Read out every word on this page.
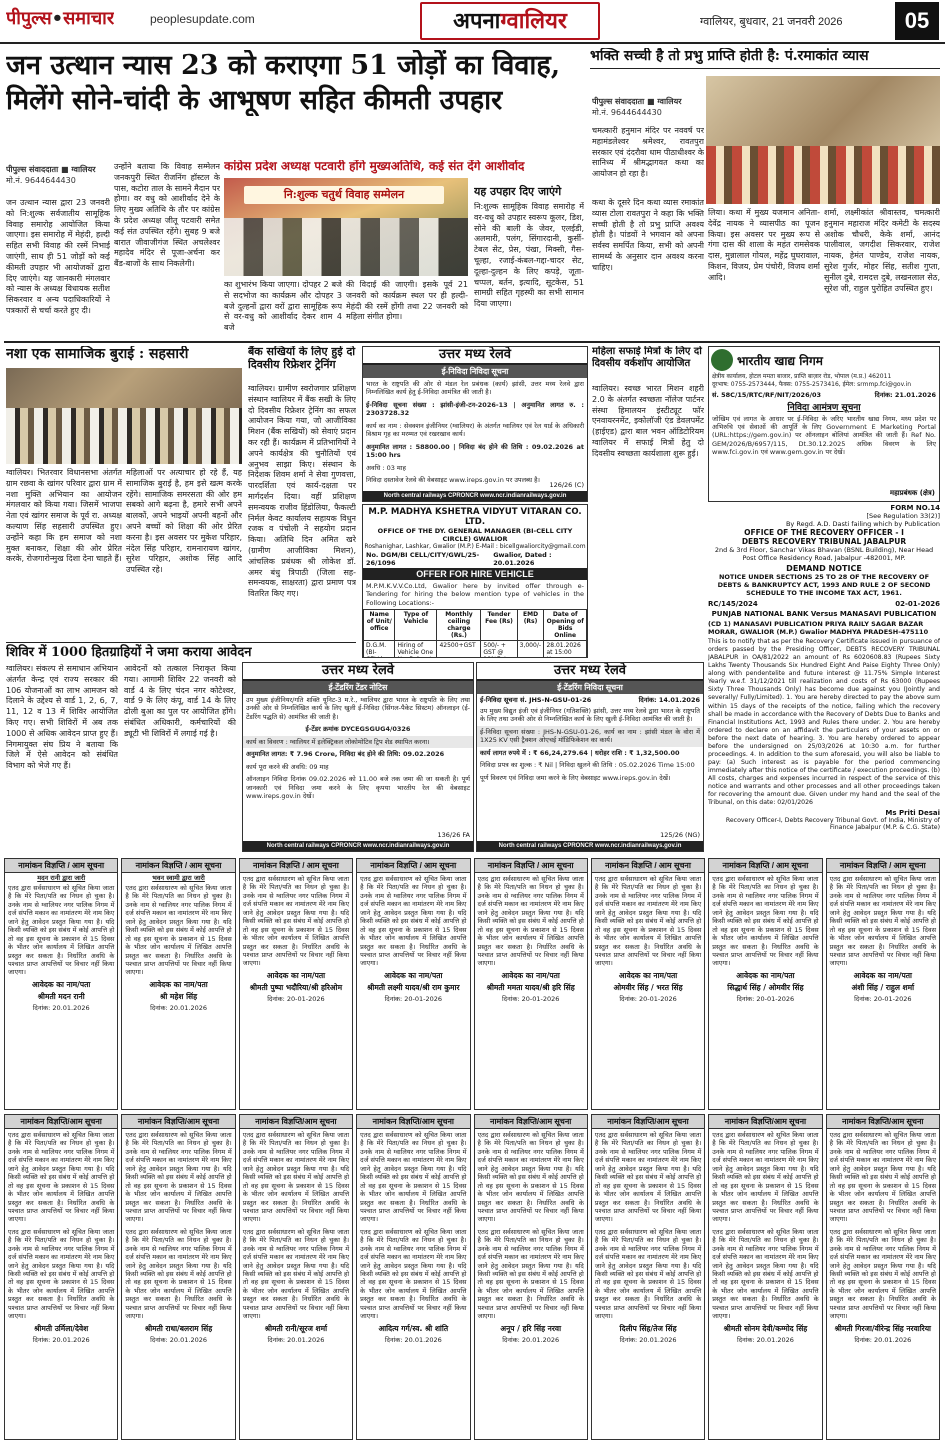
पीपुल्स•समाचार	peoplesupdate.com	अपनाग्वालियर	ग्वालियर, बुधवार, 21 जनवरी 2026	05
जन उत्थान न्यास 23 को कराएगा 51 जोड़ों का विवाह,
मिलेंगे सोने-चांदी के आभूषण सहित कीमती उपहार
पीपुल्स संवाददाता ■ ग्वालियर
मो.नं. 9644644430
जन उत्थान न्यास द्वारा 23 जनवरी को नि:शुल्क सर्वजातीय सामूहिक विवाह समारोह आयोजित किया जाएगा। इस समारोह में मेहंदी, हल्दी सहित सभी विवाह की रस्में निभाई जाएंगी, साथ ही 51 जोड़ों को कई कीमती उपहार भी आयोजकों द्वारा दिए जाएंगे। यह जानकारी मंगलवार को न्यास के अध्यक्ष विधायक सतीश सिकरवार व अन्य पदाधिकारियों ने पत्रकारों से चर्चा करते हुए दी।
उन्होंने बताया कि विवाह सम्मेलन जनकपुरी स्थित रीजनिंग हॉस्टल के पास, कटोरा ताल के सामने मैदान पर होगा। वर वधु को आशीर्वाद देने के लिए मुख्य अतिथि के तौर पर कांग्रेस के प्रदेश अध्यक्ष जीतू पटवारी समेत कई संत उपस्थित रहेंगे। सुबह 9 बजे बारात जीवाजीगंज स्थित अचलेश्वर महादेव मंदिर से पूजा-अर्चना कर बैंड-बाजों के साथ निकलेगी।
कांग्रेस प्रदेश अध्यक्ष पटवारी होंगे मुख्यअतिथि, कई संत देंगे आशीर्वाद
नि:शुल्क चतुर्थ विवाह सम्मेलन
का शुभारंभ किया जाएगा। दोपहर 2 बजे से सदभोज का कार्यक्रम और दोपहर 3 बजे दुल्हनों द्वारा वरों द्वारा सामूहिक रूप से वर-वधु को आशीर्वाद देकर शाम 4 बजे
की विदाई की जाएगी। इसके पूर्व 21 जनवरी को कार्यक्रम स्थल पर ही हल्दी-मेहंदी की रस्में होंगी तथा 22 जनवरी को महिला संगीत होगा।
यह उपहार दिए जाएंगे
नि:शुल्क सामूहिक विवाह समारोह में वर-वधु को उपहार स्वरूप कूलर, डिश, सोने की बाली के जेवर, एलईडी, अलमारी, पलंग, सिंगारदानी, कुर्सी-टेबल सेट, प्रेस, पंखा, मिक्सी, गैस-चूल्हा, रजाई-कंबल-गद्दा-चादर सेट, दूल्हा-दुल्हन के लिए कपड़े, जूता-चप्पल, बर्तन, इत्यादि, सूटकेस, 51 सामग्री सहित गृहस्थी का सभी सामान दिया जाएगा।
भक्ति सच्ची है तो प्रभु प्राप्ति होती है: पं.रमाकांत व्यास
पीपुल्स संवाददाता ■ ग्वालियर
मो.नं. 9644644430
चमत्कारी हनुमान मंदिर पर नववर्ष पर महामंडलेश्वर श्रमेश्वर, रावतपुरा सरकार एवं दंदरौवा धाम पीठाधीश्वर के सानिध्य में श्रीमद्भागवत कथा का आयोजन हो रहा है।
कथा के दूसरे दिन कथा व्यास रमाकांत व्यास टोला रावतपुरा ने कहा कि भक्ति सच्ची होती है तो प्रभु प्राप्ति अवश्य होती है। पांडवों ने भगवान को अपना सर्वस्व समर्पित किया, सभी को अपनी सामर्थ्य के अनुसार दान अवश्य करना चाहिए।
लिया। कथा में मुख्य यजमान अनिता-देवेंद्र नायक ने व्यासपीठ का पूजन किया। इस अवसर पर मुख्य रूप से गंगा दास की शाला के महंत रामसेवक दास, मुन्नालाल गोयल, महेंद्र घुघरावाल, किशन, विजय, प्रेम पंचोरी, विजय शर्मा आदि।
शर्मा, लक्ष्मीकांत श्रीवास्तव, चमत्कारी हनुमान महाराज मंदिर कमेटी के सदस्य अशोक चौधरी, केके शर्मा, आनंद पालीवाल, जगदीश सिकरवार, राजेश नायक, हेमंत पाण्डेय, राजेश नायक, सुरेश गुर्जर, मोहर सिंह, सतीश गुप्ता, सुनील दुबे, रामदत्त दुबे, लखनलाल सेठ, सूरेश जी, राहुल पुरोहित उपस्थित हुए।
नशा एक सामाजिक बुराई : सहसारी
ग्वालियर। भितरवार विधानसभा अंतर्गत ग्राम रछवा के खांगर परिवार द्वारा ग्राम में नशा मुक्ति अभियान का आयोजन मंगलवार को किया गया। जिसमें भाजपा नेता एवं खांगर समाज के पूर्व रा. अध्यक्ष कल्याण सिंह सहसारी उपस्थित हुए। उन्होंने कहा कि हम समाज को नशा मुक्त बनाकर, शिक्षा की ओर प्रेरित करके, रोजगारोन्मुख दिशा देना चाहते हैं।
महिलाओं पर अत्याचार हो रहे हैं, यह सामाजिक बुराई है, हम इसे खत्म करके रहेंगे। सामाजिक समरसता की ओर हम सबको आगे बढ़ना है, हमारे सभी अपने बालकों, अपने भाइयों अपनी बहनों और अपने बच्चों को शिक्षा की ओर प्रेरित करना है। इस अवसर पर मुकेश परिहार, नंदेल सिंह परिहार, रामनारायण खांगर, सुरेश परिहार, अशोक सिंह आदि उपस्थित रहे।
बैंक सखियों के लिए हुई दो दिवसीय रिफ्रेशर ट्रेनिंग
ग्वालियर। ग्रामीण स्वरोजगार प्रशिक्षण संस्थान ग्वालियर में बैंक सखी के लिए दो दिवसीय रिफ्रेशर ट्रेनिंग का सफल आयोजन किया गया, जो आजीविका मिशन (बैंक सखियों) को सेवाएं प्रदान कर रही हैं। कार्यक्रम में प्रतिभागियों ने अपने कार्यक्षेत्र की चुनौतियों एवं अनुभव साझा किए। संस्थान के निदेशक शिवम शर्मा ने सेवा गुणवत्ता, पारदर्शिता एवं कार्य-दक्षता पर मार्गदर्शन दिया। वहीं प्रशिक्षण समन्वयक राजीव हिंडोलिया, फैकल्टी निर्मल केवट कार्यालय सहायक विधुन रजक व पंचोली ने सहयोग प्रदान किया। अतिथि दिन अमित खरे (ग्रामीण आजीविका मिशन), आंचलिक प्रबंधक श्री लोकेश डॉ. अमर बंधु त्रिपाठी (जिला सह-समन्वयक, साक्षरता) द्वारा प्रमाण पत्र वितरित किए गए।
उत्तर मध्य रेलवे
ई-निविदा निविदा सूचना
भारत के राष्ट्रपति की ओर से मंडल रेल प्रबंधक (कार्य) झांसी, उत्तर मध्य रेलवे द्वारा निम्नलिखित कार्य हेतु ई-निविदा आमंत्रित की जाती है।
ई-निविदा सूचना संख्या : झांसी-इंजी-टन-2026-13 | अनुमानित लागत रु. : 2303728.32
कार्य का नाम : सेवक्शन इंजीनियर (ग्वालियर) के अंतर्गत ग्वालियर एवं रेल यार्ड के अधिकारी विश्राम गृह का मरम्मत एवं रखरखाव कार्य।
अनुमानित लागत : 58800.00 | निविदा बंद होने की तिथि : 09.02.2026 at 15:00 hrs
अवधि : 03 माह
निविदा दस्तावेज रेलवे की वेबसाइट www.ireps.gov.in पर उपलब्ध है।
126/26 (C)
North central railways CPRONCR www.ncr.indianrailways.gov.in
M.P. MADHYA KSHETRA VIDYUT VITARAN CO. LTD.
OFFICE OF THE DY. GENERAL MANAGER (BI-CELL CITY CIRCLE) GWALIOR
Roshanighar, Lashkar, Gwalior (M.P.) E-Mail : bicellgwaliorcity@gmail.com
No. DGM/BI CELL/CITY/GWL/25-26/1096
Gwalior, Dated : 20.01.2026
OFFER FOR HIRE VEHICLE
M.P.M.K.V.V.Co.Ltd, Gwalior here by invited offer through e-Tendering for hiring the below mention type of vehicles in the Following Locations:-
Name of Unit/ office	Type of Vehicle	Monthly ceiling charge (Rs.)	Tender Fee (Rs)	EMD (Rs)	Date of Opening of Bids Online
D.G.M. (BI-	Hiring of Vehicle One	42500+GST	500/- + GST @	3,000/-	28.01.2026 at 15:00
महिला सफाई मित्रों के लिए दो दिवसीय वर्कशॉप आयोजित
ग्वालियर। स्वच्छ भारत मिशन शहरी 2.0 के अंतर्गत स्वच्छता नॉलेज पार्टनर संस्था हिमालयन इंस्टीट्यूट फॉर एनवायरनमेंट, इकोलॉजी एंड डेवलपमेंट (हाईएड) द्वारा बाल भवन ऑडिटोरियम ग्वालियर में सफाई मित्रों हेतु दो दिवसीय स्वच्छता कार्यशाला शुरू हुई।
भारतीय खाद्य निगम
क्षेत्रीय कार्यालय, होटल ममता बाजार, प्राप्ति बाज़ार रोड, भोपाल (म.प्र.) 462011
दूरभाष: 0755-2573444, फैक्स: 0755-2573416, ईमेल: srmmp.fci@gov.in
सं. 58C/15/RTC/RF/NIT/2026/03	दिनांक: 21.01.2026
निविदा आमंत्रण सूचना
जोखिम एवं लागत के आधार पर ई-निविदा के जरिए भारतीय खाद्य निगम, मध्य प्रदेश पर अभिरुचि एवं सेवाओं की आपूर्ति के लिए Government E Marketing Portal (URL:https://gem.gov.in) पर ऑनलाइन बोलियां आमंत्रित की जाती हैं। Ref No. GEM/2026/B/6957/115, Dt.30.12.2025 अधिक विवरण के लिए www.fci.gov.in एवं www.gem.gov.in पर देखें।
महाप्रबंधक (क्षेत्र)
FORM NO.14
[See Regulation 33(2)]
By Regd. A.D. Dasti failing which by Publication
OFFICE OF THE RECOVERY OFFICER - I
DEBTS RECOVERY TRIBUNAL JABALPUR
2nd & 3rd Floor, Sanchar Vikas Bhavan (BSNL Building), Near Head Post Office Residency Road, Jabalpur -482001, MP.
DEMAND NOTICE
NOTICE UNDER SECTIONS 25 TO 28 OF THE RECOVERY OF DEBTS & BANKRUPTCY ACT, 1993 AND RULE 2 OF SECOND SCHEDULE TO THE INCOME TAX ACT, 1961.
RC/145/2024	02-01-2026
PUNJAB NATIONAL BANK Versus MANASAVI PUBLICATION
(CD 1) MANASAVI PUBLICATION PRIYA RAILY SAGAR BAZAR MORAR, GWALIOR (M.P.) Gwalior MADHYA PRADESH-475110
This is to notify that as per the Recovery Certificate issued in pursuance of orders passed by the Presiding Officer, DEBTS RECOVERY TRIBUNAL JABALPUR in OA/81/2022 an amount of Rs 6020608.83 (Rupees Sixty Lakhs Twenty Thousands Six Hundred Eight And Paise Eighty Three Only) along with pendentelite and future interest @ 11.75% Simple Interest Yearly w.e.f. 31/12/2021 till realization and costs of Rs 63000 (Rupees Sixty Three Thousands Only) has become due against you (Jointly and severally/ Fully/Limited). 1. You are hereby directed to pay the above sum within 15 days of the receipts of the notice, failing which the recovery shall be made in accordance with the Recovery of Debts Due to Banks and Financial Institutions Act, 1993 and Rules there under. 2. You are hereby ordered to declare on an affidavit the particulars of your assets on or before the next date of hearing. 3. You are hereby ordered to appear before the undersigned on 25/03/2026 at 10:30 a.m. for further proceedings. 4. In addition to the sum aforesaid, you will also be liable to pay: (a) Such interest as is payable for the period commencing immediately after this notice of the certificate / execution proceedings. (b) All costs, charges and expenses incurred in respect of the service of this notice and warrants and other processes and all other proceedings taken for recovering the amount due. Given under my hand and the seal of the Tribunal, on this date: 02/01/2026
Ms Priti Desai
Recovery Officer-I, Debts Recovery Tribunal Govt. of India, Ministry of Finance Jabalpur (M.P. & C.G. State)
शिविर में 1000 हितग्राहियों ने जमा कराया आवेदन
ग्वालियर। संकल्प से समाधान अभियान अंतर्गत केन्द्र एवं राज्य सरकार की 106 योजनाओं का लाभ आमजन को दिलाने के उद्देश्य से वार्ड 1, 2, 6, 7, 11, 12 व 13 में शिविर आयोजित किए गए। सभी शिविरों में अब तक 1000 से अधिक आवेदन प्राप्त हुए हैं। निगमायुक्त संघ प्रिय ने बताया कि जिले में ऐसे आवेदन को संबंधित विभाग को भेजे गए हैं।
आवेदनों को तत्काल निराकृत किया गया। आगामी शिविर 22 जनवरी को वार्ड 4 के लिए चंदन नगर कोटेश्वर, वार्ड 9 के लिए कंपू, वार्ड 14 के लिए ढोली बुआ का पुल पर आयोजित होंगे। संबंधित अधिकारी, कर्मचारियों की ड्यूटी भी शिविरों में लगाई गई है।
उत्तर मध्य रेलवे
ई-टेंडरिंग टेंडर नोटिस
उप मुख्य इंजीनियर/गति शक्ति यूनिट-3 म.रे., ग्वालियर द्वारा भारत के राष्ट्रपति के लिए तथा उनकी ओर से निम्नलिखित कार्य के लिए खुली ई-निविदा (सिंगल-पैकेट सिस्टम) ऑनलाइन (ई-टेंडरिंग पद्धति से) आमंत्रित की जाती है।
ई-टेंडर क्रमांक DYCEGSGUG4/0326
कार्य का विवरण : ग्वालियर में इलेक्ट्रिकल लोकोमोटिव ट्रिप शेड स्थापित करना।
अनुमानित लागत: ₹ 7.96 Crore, निविदा बंद होने की तिथि: 09.02.2026
कार्य पूरा करने की अवधि: 09 माह
ऑनलाइन निविदा दिनांक 09.02.2026 को 11.00 बजे तक जमा की जा सकती है। पूर्ण जानकारी एवं निविदा जमा करने के लिए कृपया भारतीय रेल की वेबसाइट www.ireps.gov.in देखें।
136/26 FA
North central railways CPRONCR www.ncr.indianrailways.gov.in
उत्तर मध्य रेलवे
ई-टेंडरिंग निविदा सूचना
ई-निविदा सूचना सं. JHS-N-GSU-01-26	दिनांक: 14.01.2026
उप मुख्य विद्युत इंजी एवं इंजीनियर (गतिशक्ति) झांसी, उत्तर मध्य रेलवे द्वारा भारत के राष्ट्रपति के लिए तथा उनकी ओर से निम्नलिखित कार्य के लिए खुली ई-निविदा आमंत्रित की जाती है।
ई-निविदा सूचना संख्या : JHS-N-GSU-01-26, कार्य का नाम : झांसी मंडल के वोरा में 1X25 KV एसी ट्रैक्शन ओएचई मॉडिफिकेशन का कार्य।
कार्य लागत रुपये में : ₹ 66,24,279.64 | धरोहर राशि : ₹ 1,32,500.00
निविदा प्रपत्र का शुल्क : ₹ Nil | निविदा खुलने की तिथि : 05.02.2026 Time 15:00
पूर्ण विवरण एवं निविदा जमा करने के लिए वेबसाइट www.ireps.gov.in देखें।
125/26 (NG)
North central railways CPRONCR www.ncr.indianrailways.gov.in
नामांकन विज्ञप्ति / आम सूचना
मदन रानी द्वारा जारी
एतद द्वारा सर्वसाधारण को सूचित किया जाता है कि मेरे पिता/पति का निधन हो चुका है। उनके नाम से ग्वालियर नगर पालिक निगम में दर्ज संपत्ति मकान का नामांतरण मेरे नाम किए जाने हेतु आवेदन प्रस्तुत किया गया है। यदि किसी व्यक्ति को इस संबंध में कोई आपत्ति हो तो वह इस सूचना के प्रकाशन से 15 दिवस के भीतर जोन कार्यालय में लिखित आपत्ति प्रस्तुत कर सकता है। निर्धारित अवधि के पश्चात प्राप्त आपत्तियों पर विचार नहीं किया जाएगा।
आवेदक का नाम/पता
श्रीमती मदन रानी
दिनांक: 20.01.2026
नामांकन विज्ञप्ति / आम सूचना
भवन स्वामी द्वारा जारी
एतद द्वारा सर्वसाधारण को सूचित किया जाता है कि मेरे पिता/पति का निधन हो चुका है। उनके नाम से ग्वालियर नगर पालिक निगम में दर्ज संपत्ति मकान का नामांतरण मेरे नाम किए जाने हेतु आवेदन प्रस्तुत किया गया है। यदि किसी व्यक्ति को इस संबंध में कोई आपत्ति हो तो वह इस सूचना के प्रकाशन से 15 दिवस के भीतर जोन कार्यालय में लिखित आपत्ति प्रस्तुत कर सकता है। निर्धारित अवधि के पश्चात प्राप्त आपत्तियों पर विचार नहीं किया जाएगा।
आवेदक का नाम/पता
श्री महेश सिंह
दिनांक: 20.01.2026
नामांकन विज्ञप्ति / आम सूचना
एतद द्वारा सर्वसाधारण को सूचित किया जाता है कि मेरे पिता/पति का निधन हो चुका है। उनके नाम से ग्वालियर नगर पालिक निगम में दर्ज संपत्ति मकान का नामांतरण मेरे नाम किए जाने हेतु आवेदन प्रस्तुत किया गया है। यदि किसी व्यक्ति को इस संबंध में कोई आपत्ति हो तो वह इस सूचना के प्रकाशन से 15 दिवस के भीतर जोन कार्यालय में लिखित आपत्ति प्रस्तुत कर सकता है। निर्धारित अवधि के पश्चात प्राप्त आपत्तियों पर विचार नहीं किया जाएगा।
आवेदक का नाम/पता
श्रीमती पुष्पा भदौरिया/श्री हरिओम
दिनांक: 20-01-2026
नामांकन विज्ञप्ति / आम सूचना
एतद द्वारा सर्वसाधारण को सूचित किया जाता है कि मेरे पिता/पति का निधन हो चुका है। उनके नाम से ग्वालियर नगर पालिक निगम में दर्ज संपत्ति मकान का नामांतरण मेरे नाम किए जाने हेतु आवेदन प्रस्तुत किया गया है। यदि किसी व्यक्ति को इस संबंध में कोई आपत्ति हो तो वह इस सूचना के प्रकाशन से 15 दिवस के भीतर जोन कार्यालय में लिखित आपत्ति प्रस्तुत कर सकता है। निर्धारित अवधि के पश्चात प्राप्त आपत्तियों पर विचार नहीं किया जाएगा।
आवेदक का नाम/पता
श्रीमती लक्ष्मी यादव/श्री राम कुमार
दिनांक: 20-01-2026
नामांकन विज्ञप्ति / आम सूचना
एतद द्वारा सर्वसाधारण को सूचित किया जाता है कि मेरे पिता/पति का निधन हो चुका है। उनके नाम से ग्वालियर नगर पालिक निगम में दर्ज संपत्ति मकान का नामांतरण मेरे नाम किए जाने हेतु आवेदन प्रस्तुत किया गया है। यदि किसी व्यक्ति को इस संबंध में कोई आपत्ति हो तो वह इस सूचना के प्रकाशन से 15 दिवस के भीतर जोन कार्यालय में लिखित आपत्ति प्रस्तुत कर सकता है। निर्धारित अवधि के पश्चात प्राप्त आपत्तियों पर विचार नहीं किया जाएगा।
आवेदक का नाम/पता
श्रीमती ममता यादव/श्री हरि सिंह
दिनांक: 20-01-2026
नामांकन विज्ञप्ति / आम सूचना
एतद द्वारा सर्वसाधारण को सूचित किया जाता है कि मेरे पिता/पति का निधन हो चुका है। उनके नाम से ग्वालियर नगर पालिक निगम में दर्ज संपत्ति मकान का नामांतरण मेरे नाम किए जाने हेतु आवेदन प्रस्तुत किया गया है। यदि किसी व्यक्ति को इस संबंध में कोई आपत्ति हो तो वह इस सूचना के प्रकाशन से 15 दिवस के भीतर जोन कार्यालय में लिखित आपत्ति प्रस्तुत कर सकता है। निर्धारित अवधि के पश्चात प्राप्त आपत्तियों पर विचार नहीं किया जाएगा।
आवेदक का नाम/पता
ओमवीर सिंह / भरत सिंह
दिनांक: 20-01-2026
नामांकन विज्ञप्ति / आम सूचना
एतद द्वारा सर्वसाधारण को सूचित किया जाता है कि मेरे पिता/पति का निधन हो चुका है। उनके नाम से ग्वालियर नगर पालिक निगम में दर्ज संपत्ति मकान का नामांतरण मेरे नाम किए जाने हेतु आवेदन प्रस्तुत किया गया है। यदि किसी व्यक्ति को इस संबंध में कोई आपत्ति हो तो वह इस सूचना के प्रकाशन से 15 दिवस के भीतर जोन कार्यालय में लिखित आपत्ति प्रस्तुत कर सकता है। निर्धारित अवधि के पश्चात प्राप्त आपत्तियों पर विचार नहीं किया जाएगा।
आवेदक का नाम/पता
सिद्धार्थ सिंह / ओमवीर सिंह
दिनांक: 20-01-2026
नामांकन विज्ञप्ति / आम सूचना
एतद द्वारा सर्वसाधारण को सूचित किया जाता है कि मेरे पिता/पति का निधन हो चुका है। उनके नाम से ग्वालियर नगर पालिक निगम में दर्ज संपत्ति मकान का नामांतरण मेरे नाम किए जाने हेतु आवेदन प्रस्तुत किया गया है। यदि किसी व्यक्ति को इस संबंध में कोई आपत्ति हो तो वह इस सूचना के प्रकाशन से 15 दिवस के भीतर जोन कार्यालय में लिखित आपत्ति प्रस्तुत कर सकता है। निर्धारित अवधि के पश्चात प्राप्त आपत्तियों पर विचार नहीं किया जाएगा।
आवेदक का नाम/पता
अंशी सिंह / राहुल शर्मा
दिनांक: 20-01-2026
नामांकन विज्ञप्ति/आम सूचना
एतद द्वारा सर्वसाधारण को सूचित किया जाता है कि मेरे पिता/पति का निधन हो चुका है। उनके नाम से ग्वालियर नगर पालिक निगम में दर्ज संपत्ति मकान का नामांतरण मेरे नाम किए जाने हेतु आवेदन प्रस्तुत किया गया है। यदि किसी व्यक्ति को इस संबंध में कोई आपत्ति हो तो वह इस सूचना के प्रकाशन से 15 दिवस के भीतर जोन कार्यालय में लिखित आपत्ति प्रस्तुत कर सकता है। निर्धारित अवधि के पश्चात प्राप्त आपत्तियों पर विचार नहीं किया जाएगा।
एतद द्वारा सर्वसाधारण को सूचित किया जाता है कि मेरे पिता/पति का निधन हो चुका है। उनके नाम से ग्वालियर नगर पालिक निगम में दर्ज संपत्ति मकान का नामांतरण मेरे नाम किए जाने हेतु आवेदन प्रस्तुत किया गया है। यदि किसी व्यक्ति को इस संबंध में कोई आपत्ति हो तो वह इस सूचना के प्रकाशन से 15 दिवस के भीतर जोन कार्यालय में लिखित आपत्ति प्रस्तुत कर सकता है। निर्धारित अवधि के पश्चात प्राप्त आपत्तियों पर विचार नहीं किया जाएगा।
श्रीमती उर्मिला/देवेश
दिनांक: 20.01.2026
नामांकन विज्ञप्ति/आम सूचना
एतद द्वारा सर्वसाधारण को सूचित किया जाता है कि मेरे पिता/पति का निधन हो चुका है। उनके नाम से ग्वालियर नगर पालिक निगम में दर्ज संपत्ति मकान का नामांतरण मेरे नाम किए जाने हेतु आवेदन प्रस्तुत किया गया है। यदि किसी व्यक्ति को इस संबंध में कोई आपत्ति हो तो वह इस सूचना के प्रकाशन से 15 दिवस के भीतर जोन कार्यालय में लिखित आपत्ति प्रस्तुत कर सकता है। निर्धारित अवधि के पश्चात प्राप्त आपत्तियों पर विचार नहीं किया जाएगा।
एतद द्वारा सर्वसाधारण को सूचित किया जाता है कि मेरे पिता/पति का निधन हो चुका है। उनके नाम से ग्वालियर नगर पालिक निगम में दर्ज संपत्ति मकान का नामांतरण मेरे नाम किए जाने हेतु आवेदन प्रस्तुत किया गया है। यदि किसी व्यक्ति को इस संबंध में कोई आपत्ति हो तो वह इस सूचना के प्रकाशन से 15 दिवस के भीतर जोन कार्यालय में लिखित आपत्ति प्रस्तुत कर सकता है। निर्धारित अवधि के पश्चात प्राप्त आपत्तियों पर विचार नहीं किया जाएगा।
श्रीमती राधा/बलराम सिंह
दिनांक: 20.01.2026
नामांकन विज्ञप्ति/आम सूचना
एतद द्वारा सर्वसाधारण को सूचित किया जाता है कि मेरे पिता/पति का निधन हो चुका है। उनके नाम से ग्वालियर नगर पालिक निगम में दर्ज संपत्ति मकान का नामांतरण मेरे नाम किए जाने हेतु आवेदन प्रस्तुत किया गया है। यदि किसी व्यक्ति को इस संबंध में कोई आपत्ति हो तो वह इस सूचना के प्रकाशन से 15 दिवस के भीतर जोन कार्यालय में लिखित आपत्ति प्रस्तुत कर सकता है। निर्धारित अवधि के पश्चात प्राप्त आपत्तियों पर विचार नहीं किया जाएगा।
एतद द्वारा सर्वसाधारण को सूचित किया जाता है कि मेरे पिता/पति का निधन हो चुका है। उनके नाम से ग्वालियर नगर पालिक निगम में दर्ज संपत्ति मकान का नामांतरण मेरे नाम किए जाने हेतु आवेदन प्रस्तुत किया गया है। यदि किसी व्यक्ति को इस संबंध में कोई आपत्ति हो तो वह इस सूचना के प्रकाशन से 15 दिवस के भीतर जोन कार्यालय में लिखित आपत्ति प्रस्तुत कर सकता है। निर्धारित अवधि के पश्चात प्राप्त आपत्तियों पर विचार नहीं किया जाएगा।
श्रीमती रानी/सूरज शर्मा
दिनांक: 20.01.2026
नामांकन विज्ञप्ति/आम सूचना
एतद द्वारा सर्वसाधारण को सूचित किया जाता है कि मेरे पिता/पति का निधन हो चुका है। उनके नाम से ग्वालियर नगर पालिक निगम में दर्ज संपत्ति मकान का नामांतरण मेरे नाम किए जाने हेतु आवेदन प्रस्तुत किया गया है। यदि किसी व्यक्ति को इस संबंध में कोई आपत्ति हो तो वह इस सूचना के प्रकाशन से 15 दिवस के भीतर जोन कार्यालय में लिखित आपत्ति प्रस्तुत कर सकता है। निर्धारित अवधि के पश्चात प्राप्त आपत्तियों पर विचार नहीं किया जाएगा।
एतद द्वारा सर्वसाधारण को सूचित किया जाता है कि मेरे पिता/पति का निधन हो चुका है। उनके नाम से ग्वालियर नगर पालिक निगम में दर्ज संपत्ति मकान का नामांतरण मेरे नाम किए जाने हेतु आवेदन प्रस्तुत किया गया है। यदि किसी व्यक्ति को इस संबंध में कोई आपत्ति हो तो वह इस सूचना के प्रकाशन से 15 दिवस के भीतर जोन कार्यालय में लिखित आपत्ति प्रस्तुत कर सकता है। निर्धारित अवधि के पश्चात प्राप्त आपत्तियों पर विचार नहीं किया जाएगा।
आदित्य गर्ग/स्व. श्री शांति
दिनांक: 20.01.2026
नामांकन विज्ञप्ति/आम सूचना
एतद द्वारा सर्वसाधारण को सूचित किया जाता है कि मेरे पिता/पति का निधन हो चुका है। उनके नाम से ग्वालियर नगर पालिक निगम में दर्ज संपत्ति मकान का नामांतरण मेरे नाम किए जाने हेतु आवेदन प्रस्तुत किया गया है। यदि किसी व्यक्ति को इस संबंध में कोई आपत्ति हो तो वह इस सूचना के प्रकाशन से 15 दिवस के भीतर जोन कार्यालय में लिखित आपत्ति प्रस्तुत कर सकता है। निर्धारित अवधि के पश्चात प्राप्त आपत्तियों पर विचार नहीं किया जाएगा।
एतद द्वारा सर्वसाधारण को सूचित किया जाता है कि मेरे पिता/पति का निधन हो चुका है। उनके नाम से ग्वालियर नगर पालिक निगम में दर्ज संपत्ति मकान का नामांतरण मेरे नाम किए जाने हेतु आवेदन प्रस्तुत किया गया है। यदि किसी व्यक्ति को इस संबंध में कोई आपत्ति हो तो वह इस सूचना के प्रकाशन से 15 दिवस के भीतर जोन कार्यालय में लिखित आपत्ति प्रस्तुत कर सकता है। निर्धारित अवधि के पश्चात प्राप्त आपत्तियों पर विचार नहीं किया जाएगा।
अनूप / हरि सिंह नरवा
दिनांक: 20.01.2026
नामांकन विज्ञप्ति/आम सूचना
एतद द्वारा सर्वसाधारण को सूचित किया जाता है कि मेरे पिता/पति का निधन हो चुका है। उनके नाम से ग्वालियर नगर पालिक निगम में दर्ज संपत्ति मकान का नामांतरण मेरे नाम किए जाने हेतु आवेदन प्रस्तुत किया गया है। यदि किसी व्यक्ति को इस संबंध में कोई आपत्ति हो तो वह इस सूचना के प्रकाशन से 15 दिवस के भीतर जोन कार्यालय में लिखित आपत्ति प्रस्तुत कर सकता है। निर्धारित अवधि के पश्चात प्राप्त आपत्तियों पर विचार नहीं किया जाएगा।
एतद द्वारा सर्वसाधारण को सूचित किया जाता है कि मेरे पिता/पति का निधन हो चुका है। उनके नाम से ग्वालियर नगर पालिक निगम में दर्ज संपत्ति मकान का नामांतरण मेरे नाम किए जाने हेतु आवेदन प्रस्तुत किया गया है। यदि किसी व्यक्ति को इस संबंध में कोई आपत्ति हो तो वह इस सूचना के प्रकाशन से 15 दिवस के भीतर जोन कार्यालय में लिखित आपत्ति प्रस्तुत कर सकता है। निर्धारित अवधि के पश्चात प्राप्त आपत्तियों पर विचार नहीं किया जाएगा।
दिलीप सिंह/तेज सिंह
दिनांक: 20.01.2026
नामांकन विज्ञप्ति/आम सूचना
एतद द्वारा सर्वसाधारण को सूचित किया जाता है कि मेरे पिता/पति का निधन हो चुका है। उनके नाम से ग्वालियर नगर पालिक निगम में दर्ज संपत्ति मकान का नामांतरण मेरे नाम किए जाने हेतु आवेदन प्रस्तुत किया गया है। यदि किसी व्यक्ति को इस संबंध में कोई आपत्ति हो तो वह इस सूचना के प्रकाशन से 15 दिवस के भीतर जोन कार्यालय में लिखित आपत्ति प्रस्तुत कर सकता है। निर्धारित अवधि के पश्चात प्राप्त आपत्तियों पर विचार नहीं किया जाएगा।
एतद द्वारा सर्वसाधारण को सूचित किया जाता है कि मेरे पिता/पति का निधन हो चुका है। उनके नाम से ग्वालियर नगर पालिक निगम में दर्ज संपत्ति मकान का नामांतरण मेरे नाम किए जाने हेतु आवेदन प्रस्तुत किया गया है। यदि किसी व्यक्ति को इस संबंध में कोई आपत्ति हो तो वह इस सूचना के प्रकाशन से 15 दिवस के भीतर जोन कार्यालय में लिखित आपत्ति प्रस्तुत कर सकता है। निर्धारित अवधि के पश्चात प्राप्त आपत्तियों पर विचार नहीं किया जाएगा।
श्रीमती सोनम देवी/कम्मोद सिंह
दिनांक: 20.01.2026
नामांकन विज्ञप्ति/आम सूचना
एतद द्वारा सर्वसाधारण को सूचित किया जाता है कि मेरे पिता/पति का निधन हो चुका है। उनके नाम से ग्वालियर नगर पालिक निगम में दर्ज संपत्ति मकान का नामांतरण मेरे नाम किए जाने हेतु आवेदन प्रस्तुत किया गया है। यदि किसी व्यक्ति को इस संबंध में कोई आपत्ति हो तो वह इस सूचना के प्रकाशन से 15 दिवस के भीतर जोन कार्यालय में लिखित आपत्ति प्रस्तुत कर सकता है। निर्धारित अवधि के पश्चात प्राप्त आपत्तियों पर विचार नहीं किया जाएगा।
एतद द्वारा सर्वसाधारण को सूचित किया जाता है कि मेरे पिता/पति का निधन हो चुका है। उनके नाम से ग्वालियर नगर पालिक निगम में दर्ज संपत्ति मकान का नामांतरण मेरे नाम किए जाने हेतु आवेदन प्रस्तुत किया गया है। यदि किसी व्यक्ति को इस संबंध में कोई आपत्ति हो तो वह इस सूचना के प्रकाशन से 15 दिवस के भीतर जोन कार्यालय में लिखित आपत्ति प्रस्तुत कर सकता है। निर्धारित अवधि के पश्चात प्राप्त आपत्तियों पर विचार नहीं किया जाएगा।
श्रीमती गिरजा/वीरेन्द्र सिंह नरवारिया
दिनांक: 20.01.2026
